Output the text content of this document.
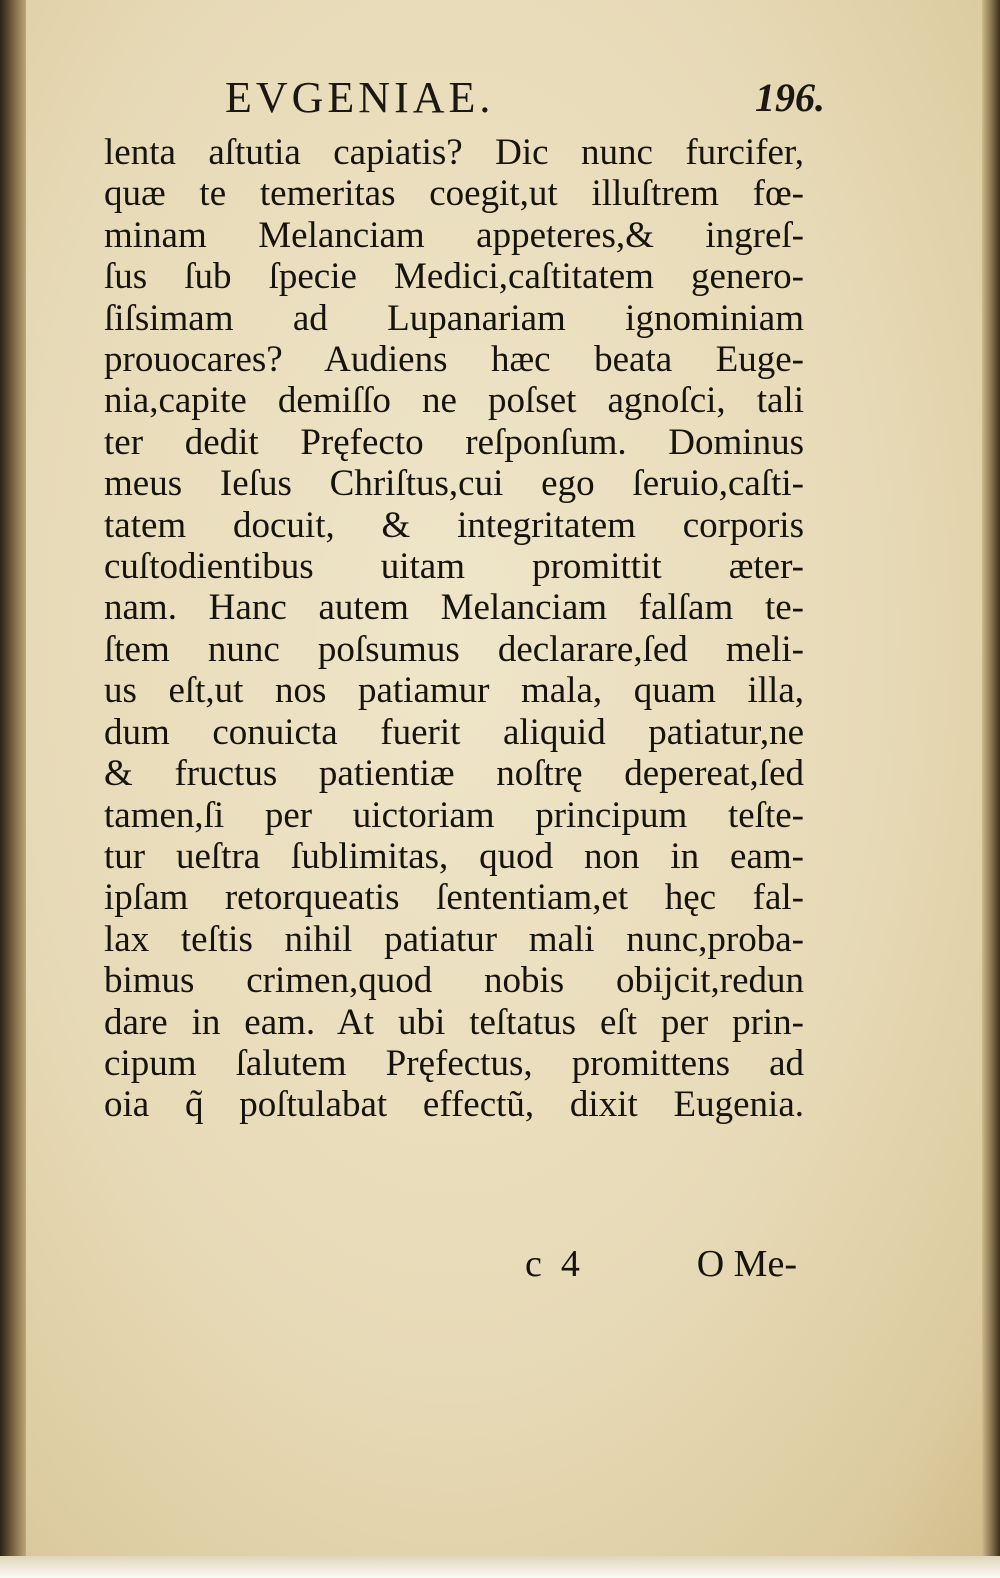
EVGENIAE.	196.
lenta aſtutia capiatis? Dic nunc furcifer,
quæ te temeritas coegit,ut illuſtrem fœ-
minam Melanciam appeteres,& ingreſ-
ſus ſub ſpecie Medici,caſtitatem genero-
ſiſsimam ad Lupanariam ignominiam
prouocares? Audiens hæc beata Euge-
nia,capite demiſſo ne poſset agnoſci, tali
ter dedit Pręfecto reſponſum. Dominus
meus Ieſus Chriſtus,cui ego ſeruio,caſti-
tatem docuit, & integritatem corporis
cuſtodientibus uitam promittit æter-
nam. Hanc autem Melanciam falſam te-
ſtem nunc poſsumus declarare,ſed meli-
us eſt,ut nos patiamur mala, quam illa,
dum conuicta fuerit aliquid patiatur,ne
& fructus patientiæ noſtrę depereat,ſed
tamen,ſi per uictoriam principum teſte-
tur ueſtra ſublimitas, quod non in eam-
ipſam retorqueatis ſententiam,et hęc fal-
lax teſtis nihil patiatur mali nunc,proba-
bimus crimen,quod nobis obijcit,redun
dare in eam. At ubi teſtatus eſt per prin-
cipum ſalutem Pręfectus, promittens ad
oia q̃ poſtulabat effectũ, dixit Eugenia.
c  4	O Me-
